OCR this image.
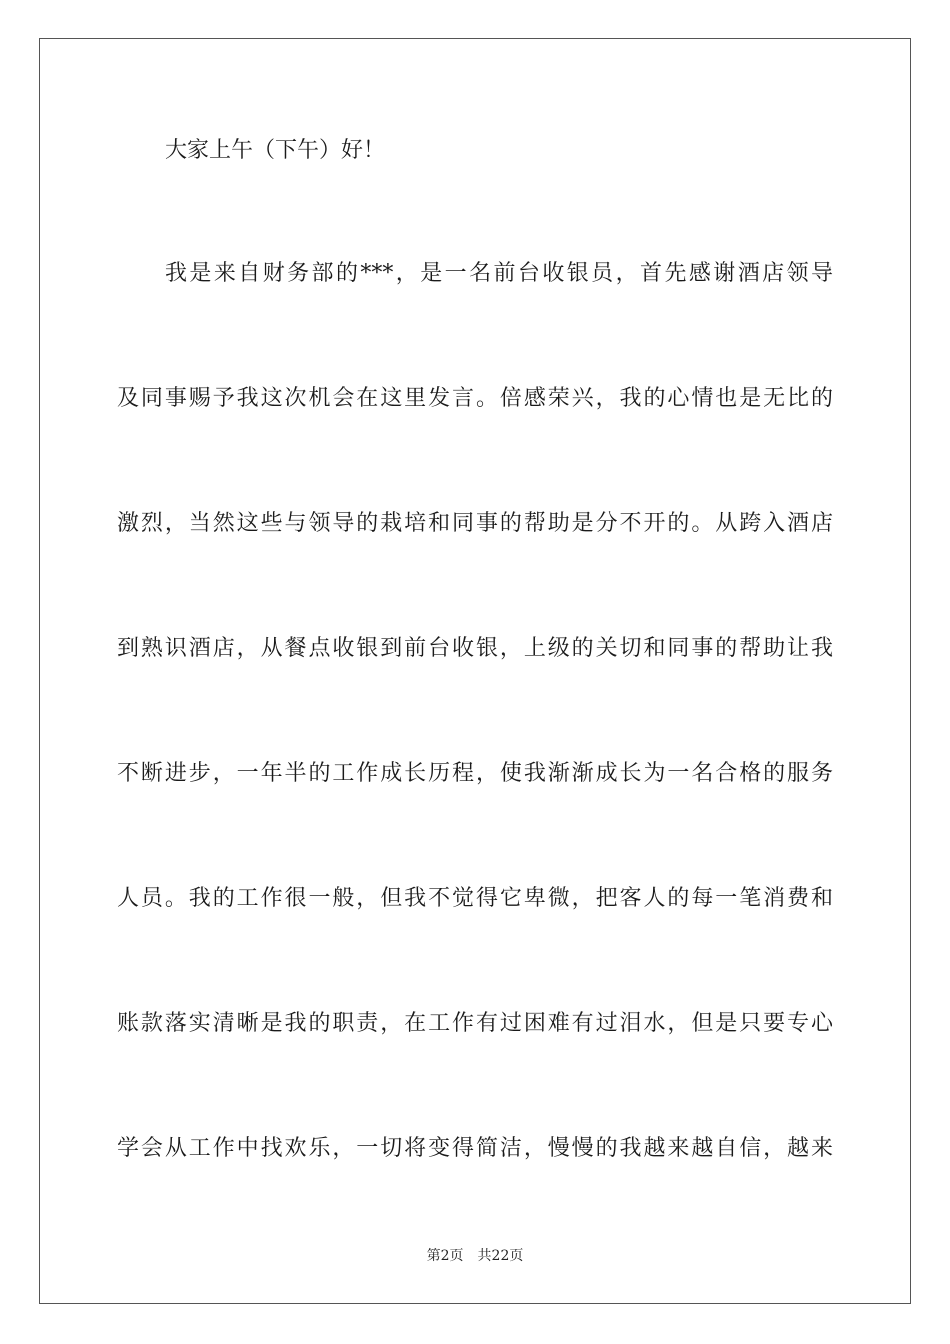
大家上午（下午）好！
我是来自财务部的***，是一名前台收银员，首先感谢酒店领导
及同事赐予我这次机会在这里发言。倍感荣兴，我的心情也是无比的
激烈，当然这些与领导的栽培和同事的帮助是分不开的。从跨入酒店
到熟识酒店，从餐点收银到前台收银，上级的关切和同事的帮助让我
不断进步，一年半的工作成长历程，使我渐渐成长为一名合格的服务
人员。我的工作很一般，但我不觉得它卑微，把客人的每一笔消费和
账款落实清晰是我的职责，在工作有过困难有过泪水，但是只要专心
学会从工作中找欢乐，一切将变得简洁，慢慢的我越来越自信，越来
第2页 共22页
